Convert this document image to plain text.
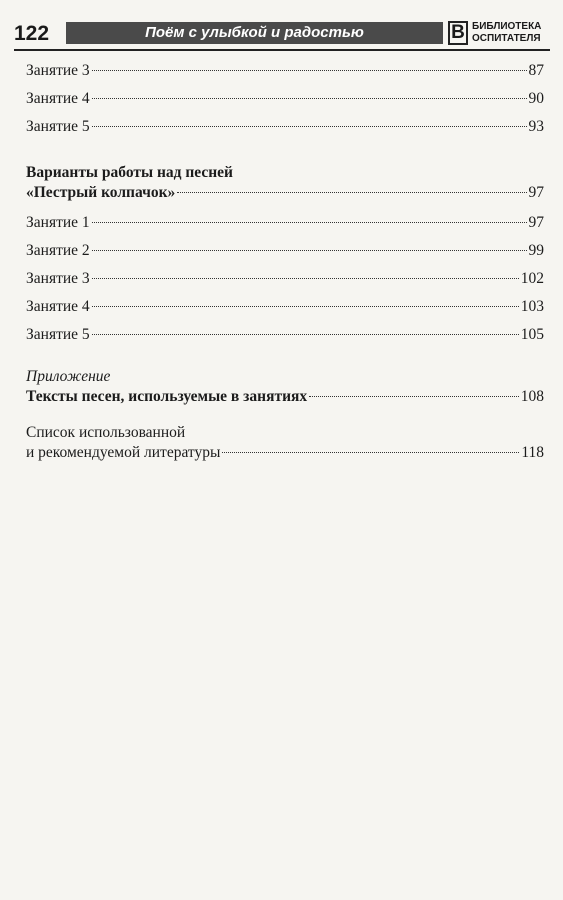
122	Поём с улыбкой и радостью	В БИБЛИОТЕКА
ОСПИТАТЕЛЯ
Занятие 3	87
Занятие 4	90
Занятие 5	93
Варианты работы над песней
«Пестрый колпачок»	97
Занятие 1	97
Занятие 2	99
Занятие 3	102
Занятие 4	103
Занятие 5	105
Приложение
Тексты песен, используемые в занятиях	108
Список использованной
и рекомендуемой литературы	118
